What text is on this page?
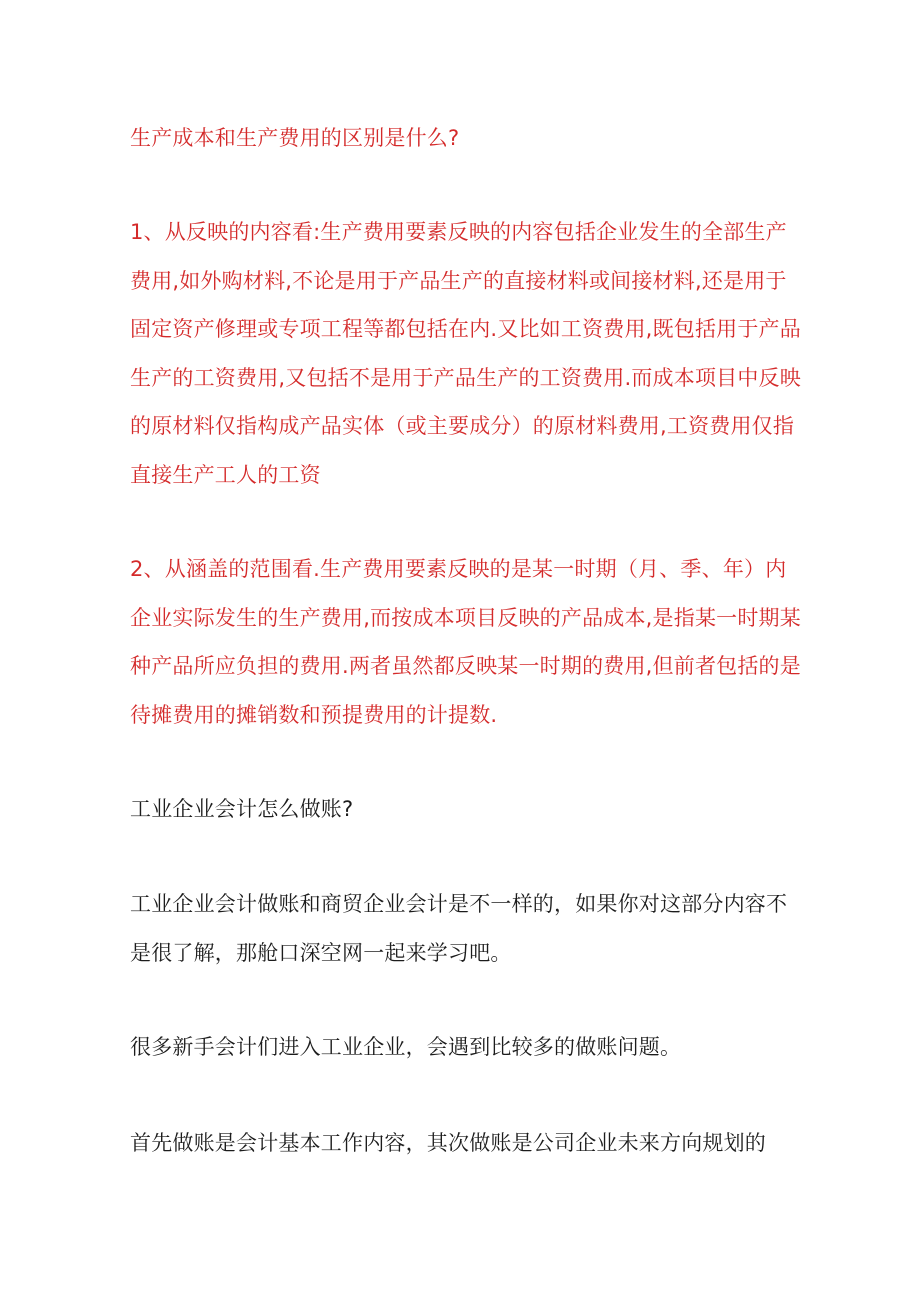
生产成本和生产费用的区别是什么?

1、从反映的内容看:生产费用要素反映的内容包括企业发生的全部生产费用,如外购材料,不论是用于产品生产的直接材料或间接材料,还是用于固定资产修理或专项工程等都包括在内.又比如工资费用,既包括用于产品生产的工资费用,又包括不是用于产品生产的工资费用.而成本项目中反映的原材料仅指构成产品实体（或主要成分）的原材料费用,工资费用仅指直接生产工人的工资

2、从涵盖的范围看.生产费用要素反映的是某一时期（月、季、年）内企业实际发生的生产费用,而按成本项目反映的产品成本,是指某一时期某种产品所应负担的费用.两者虽然都反映某一时期的费用,但前者包括的是待摊费用的摊销数和预提费用的计提数.

工业企业会计怎么做账?

工业企业会计做账和商贸企业会计是不一样的，如果你对这部分内容不是很了解，那舱口深空网一起来学习吧。

很多新手会计们进入工业企业，会遇到比较多的做账问题。

首先做账是会计基本工作内容，其次做账是公司企业未来方向规划的
